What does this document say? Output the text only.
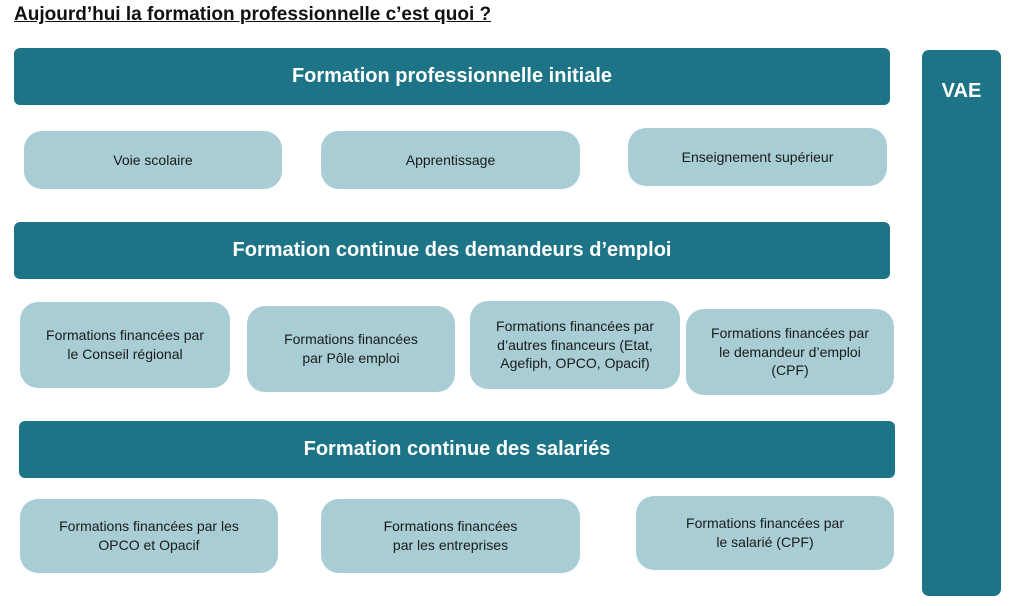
Aujourd’hui la formation professionnelle c’est quoi ?
Formation professionnelle initiale
Voie scolaire	Apprentissage	Enseignement supérieur
Formation continue des demandeurs d’emploi
Formations financées par
le Conseil régional
Formations financées
par Pôle emploi
Formations financées par
d’autres financeurs (Etat,
Agefiph, OPCO, Opacif)
Formations financées par
le demandeur d’emploi
(CPF)
Formation continue des salariés
Formations financées par les
OPCO et Opacif
Formations financées
par les entreprises
Formations financées par
le salarié (CPF)
VAE
